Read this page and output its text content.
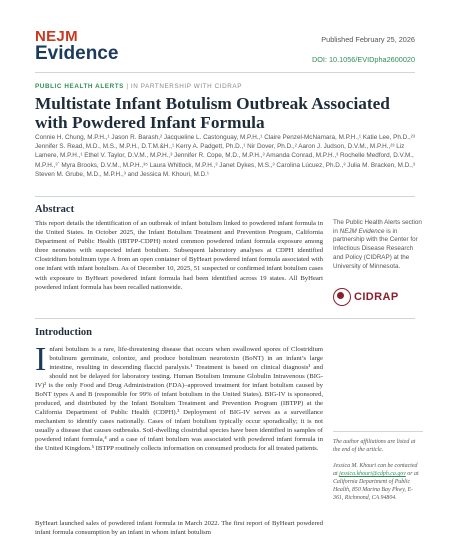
NEJM
Evidence
Published February 25, 2026
DOI: 10.1056/EVIDpha2600020
PUBLIC HEALTH ALERTS | IN PARTNERSHIP WITH CIDRAP
Multistate Infant Botulism Outbreak Associated with Powdered Infant Formula
Connie H. Chung, M.P.H.,¹ Jason R. Barash,² Jacqueline L. Castonguay, M.P.H.,¹ Claire Penzel-McNamara, M.P.H.,¹ Katie Lee, Ph.D.,²³ Jennifer S. Read, M.D., M.S., M.P.H., D.T.M.&H.,¹ Kerry A. Padgett, Ph.D.,¹ Nir Dover, Ph.D.,² Aaron J. Judson, D.V.M., M.P.H.,²³ Liz Lamere, M.P.H.,¹ Ethel V. Taylor, D.V.M., M.P.H.,³ Jennifer R. Cope, M.D., M.P.H.,³ Amanda Conrad, M.P.H.,³ Rochelle Medford, D.V.M., M.P.H.,³´ Myra Brooks, D.V.M., M.P.H.,³⁵ Laura Whitlock, M.P.H.,³ Janet Dykes, M.S.,³ Carolina Lúcuez, Ph.D.,³ Julia M. Bracken, M.D.,³ Steven M. Grube, M.D., M.P.H.,³ and Jessica M. Khouri, M.D.¹
Abstract
This report details the identification of an outbreak of infant botulism linked to powdered infant formula in the United States. In October 2025, the Infant Botulism Treatment and Prevention Program, California Department of Public Health (IBTPP-CDPH) noted common powdered infant formula exposure among three neonates with suspected infant botulism. Subsequent laboratory analyses at CDPH identified Clostridium botulinum type A from an open container of ByHeart powdered infant formula associated with one infant with infant botulism. As of December 10, 2025, 51 suspected or confirmed infant botulism cases with exposure to ByHeart powdered infant formula had been identified across 19 states. All ByHeart powdered infant formula has been recalled nationwide.
The Public Health Alerts section in NEJM Evidence is in partnership with the Center for Infectious Disease Research and Policy (CIDRAP) at the University of Minnesota.
CIDRAP
Introduction
Infant botulism is a rare, life-threatening disease that occurs when swallowed spores of Clostridium botulinum germinate, colonize, and produce botulinum neurotoxin (BoNT) in an infant’s large intestine, resulting in descending flaccid paralysis.¹ Treatment is based on clinical diagnosis¹ and should not be delayed for laboratory testing. Human Botulism Immune Globulin Intravenous (BIG-IV)² is the only Food and Drug Administration (FDA)–approved treatment for infant botulism caused by BoNT types A and B (responsible for 99% of infant botulism in the United States). BIG-IV is sponsored, produced, and distributed by the Infant Botulism Treatment and Prevention Program (IBTPP) at the California Department of Public Health (CDPH).³ Deployment of BIG-IV serves as a surveillance mechanism to identify cases nationally. Cases of infant botulism typically occur sporadically; it is not usually a disease that causes outbreaks. Soil-dwelling clostridial species have been identified in samples of powdered infant formula,⁴ and a case of infant botulism was associated with powdered infant formula in the United Kingdom.⁵ IBTPP routinely collects information on consumed products for all treated patients.
ByHeart launched sales of powdered infant formula in March 2022. The first report of ByHeart powdered infant formula consumption by an infant in whom infant botulism
The author affiliations are listed at the end of the article.
Jessica M. Khouri can be contacted at jessica.khouri@cdph.ca.gov or at California Department of Public Health, 850 Marina Bay Pkwy, E-361, Richmond, CA 94804.
